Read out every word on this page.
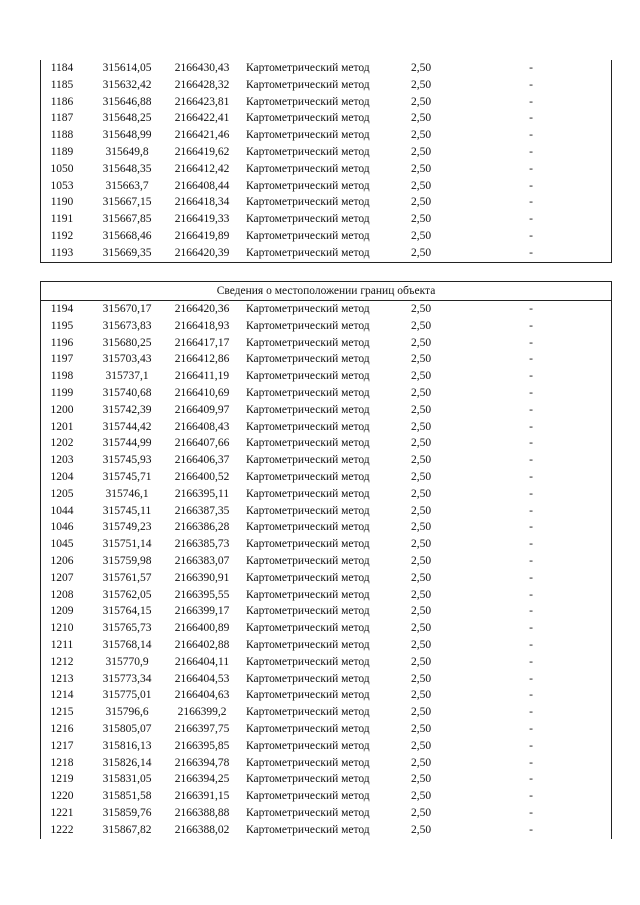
1184	315614,05	2166430,43	Картометрический метод	2,50	-
1185	315632,42	2166428,32	Картометрический метод	2,50	-
1186	315646,88	2166423,81	Картометрический метод	2,50	-
1187	315648,25	2166422,41	Картометрический метод	2,50	-
1188	315648,99	2166421,46	Картометрический метод	2,50	-
1189	315649,8	2166419,62	Картометрический метод	2,50	-
1050	315648,35	2166412,42	Картометрический метод	2,50	-
1053	315663,7	2166408,44	Картометрический метод	2,50	-
1190	315667,15	2166418,34	Картометрический метод	2,50	-
1191	315667,85	2166419,33	Картометрический метод	2,50	-
1192	315668,46	2166419,89	Картометрический метод	2,50	-
1193	315669,35	2166420,39	Картометрический метод	2,50	-
Сведения о местоположении границ объекта
1194	315670,17	2166420,36	Картометрический метод	2,50	-
1195	315673,83	2166418,93	Картометрический метод	2,50	-
1196	315680,25	2166417,17	Картометрический метод	2,50	-
1197	315703,43	2166412,86	Картометрический метод	2,50	-
1198	315737,1	2166411,19	Картометрический метод	2,50	-
1199	315740,68	2166410,69	Картометрический метод	2,50	-
1200	315742,39	2166409,97	Картометрический метод	2,50	-
1201	315744,42	2166408,43	Картометрический метод	2,50	-
1202	315744,99	2166407,66	Картометрический метод	2,50	-
1203	315745,93	2166406,37	Картометрический метод	2,50	-
1204	315745,71	2166400,52	Картометрический метод	2,50	-
1205	315746,1	2166395,11	Картометрический метод	2,50	-
1044	315745,11	2166387,35	Картометрический метод	2,50	-
1046	315749,23	2166386,28	Картометрический метод	2,50	-
1045	315751,14	2166385,73	Картометрический метод	2,50	-
1206	315759,98	2166383,07	Картометрический метод	2,50	-
1207	315761,57	2166390,91	Картометрический метод	2,50	-
1208	315762,05	2166395,55	Картометрический метод	2,50	-
1209	315764,15	2166399,17	Картометрический метод	2,50	-
1210	315765,73	2166400,89	Картометрический метод	2,50	-
1211	315768,14	2166402,88	Картометрический метод	2,50	-
1212	315770,9	2166404,11	Картометрический метод	2,50	-
1213	315773,34	2166404,53	Картометрический метод	2,50	-
1214	315775,01	2166404,63	Картометрический метод	2,50	-
1215	315796,6	2166399,2	Картометрический метод	2,50	-
1216	315805,07	2166397,75	Картометрический метод	2,50	-
1217	315816,13	2166395,85	Картометрический метод	2,50	-
1218	315826,14	2166394,78	Картометрический метод	2,50	-
1219	315831,05	2166394,25	Картометрический метод	2,50	-
1220	315851,58	2166391,15	Картометрический метод	2,50	-
1221	315859,76	2166388,88	Картометрический метод	2,50	-
1222	315867,82	2166388,02	Картометрический метод	2,50	-
